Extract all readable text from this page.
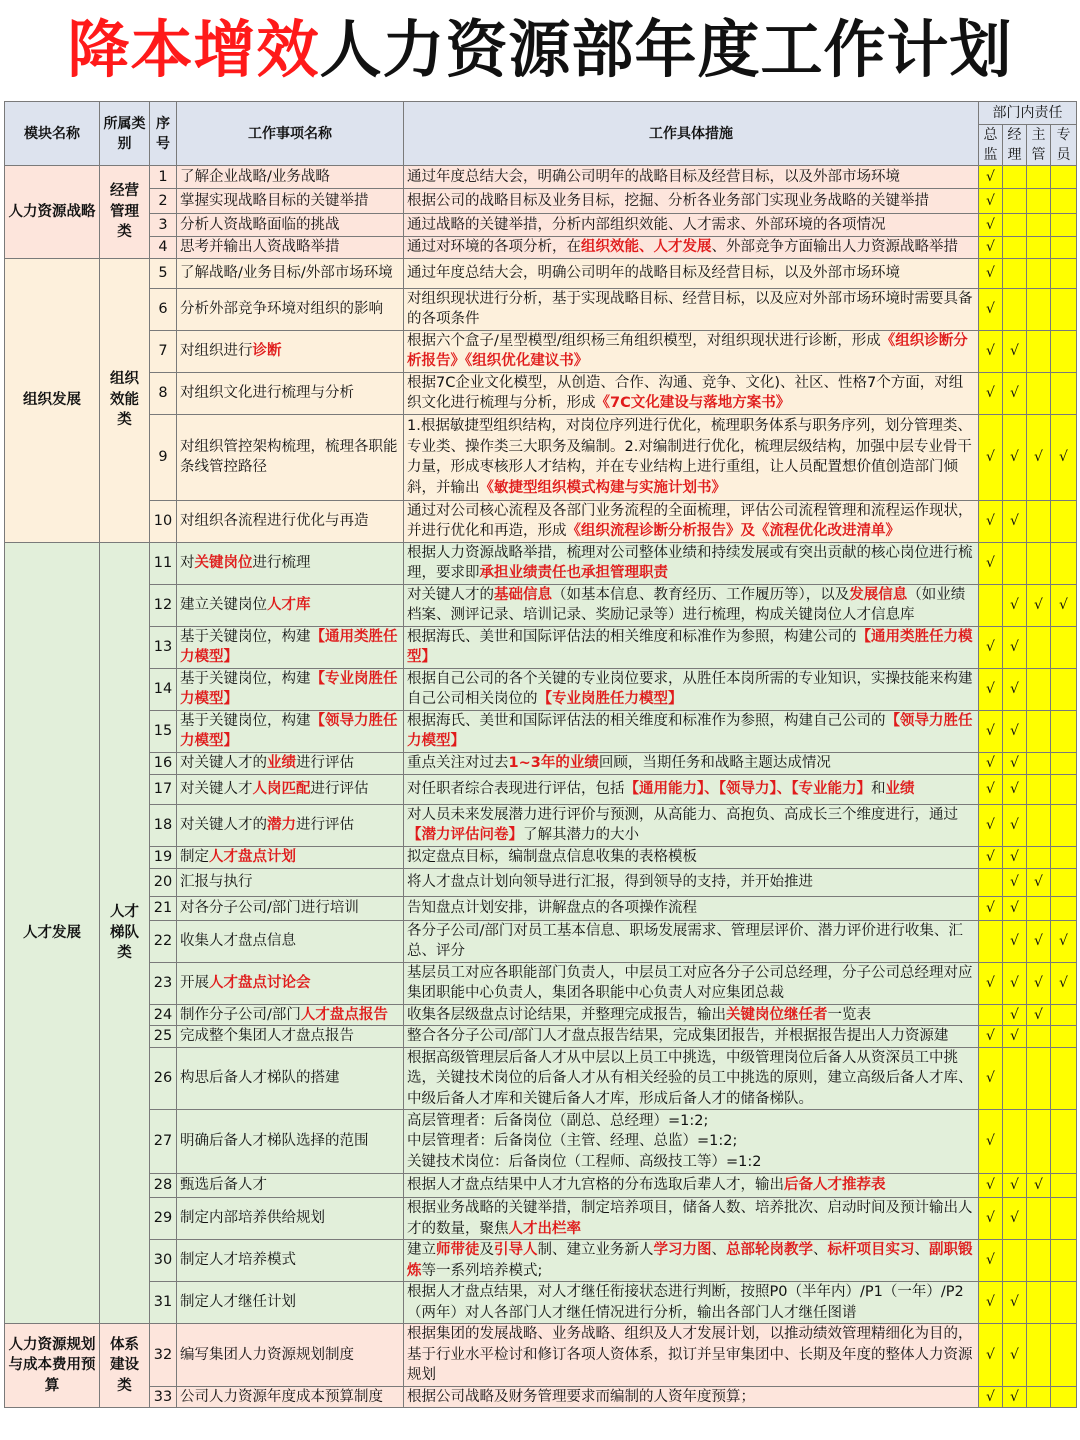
降本增效人力资源部年度工作计划
模块名称	所属类别	序号	工作事项名称	工作具体措施	部门内责任			
					总监	经理	主管	专员
人力资源战略	经营管理类	1	了解企业战略/业务战略	通过年度总结大会，明确公司明年的战略目标及经营目标，以及外部市场环境	√			
		2	掌握实现战略目标的关键举措	根据公司的战略目标及业务目标，挖掘、分析各业务部门实现业务战略的关键举措	√			
		3	分析人资战略面临的挑战	通过战略的关键举措，分析内部组织效能、人才需求、外部环境的各项情况	√			
		4	思考并输出人资战略举措	通过对环境的各项分析，在组织效能、人才发展、外部竞争方面输出人力资源战略举措	√			
组织发展	组织效能类	5	了解战略/业务目标/外部市场环境	通过年度总结大会，明确公司明年的战略目标及经营目标，以及外部市场环境	√			
		6	分析外部竞争环境对组织的影响	对组织现状进行分析，基于实现战略目标、经营目标，以及应对外部市场环境时需要具备的各项条件	√			
		7	对组织进行诊断	根据六个盒子/星型模型/组织杨三角组织模型，对组织现状进行诊断，形成《组织诊断分析报告》《组织优化建议书》	√	√		
		8	对组织文化进行梳理与分析	根据7C企业文化模型，从创造、合作、沟通、竞争、文化)、社区、性格7个方面，对组织文化进行梳理与分析，形成《7C文化建设与落地方案书》	√	√		
		9	对组织管控架构梳理，梳理各职能条线管控路径	1.根据敏捷型组织结构，对岗位序列进行优化，梳理职务体系与职务序列，划分管理类、专业类、操作类三大职务及编制。2.对编制进行优化，梳理层级结构，加强中层专业骨干力量，形成枣核形人才结构，并在专业结构上进行重组，让人员配置想价值创造部门倾斜，并输出《敏捷型组织模式构建与实施计划书》	√	√	√	√
		10	对组织各流程进行优化与再造	通过对公司核心流程及各部门业务流程的全面梳理，评估公司流程管理和流程运作现状，并进行优化和再造，形成《组织流程诊断分析报告》及《流程优化改进清单》	√	√		
人才发展	人才梯队类	11	对关键岗位进行梳理	根据人力资源战略举措，梳理对公司整体业绩和持续发展或有突出贡献的核心岗位进行梳理，要求即承担业绩责任也承担管理职责	√			
		12	建立关键岗位人才库	对关键人才的基础信息（如基本信息、教育经历、工作履历等），以及发展信息（如业绩档案、测评记录、培训记录、奖励记录等）进行梳理，构成关键岗位人才信息库		√	√	√
		13	基于关键岗位，构建【通用类胜任力模型】	根据海氏、美世和国际评估法的相关维度和标准作为参照，构建公司的【通用类胜任力模型】	√	√		
		14	基于关键岗位，构建【专业岗胜任力模型】	根据自己公司的各个关键的专业岗位要求，从胜任本岗所需的专业知识，实操技能来构建自己公司相关岗位的【专业岗胜任力模型】	√	√		
		15	基于关键岗位，构建【领导力胜任力模型】	根据海氏、美世和国际评估法的相关维度和标准作为参照，构建自己公司的【领导力胜任力模型】	√	√		
		16	对关键人才的业绩进行评估	重点关注对过去1~3年的业绩回顾，当期任务和战略主题达成情况	√	√		
		17	对关键人才人岗匹配进行评估	对任职者综合表现进行评估，包括【通用能力】、【领导力】、【专业能力】和业绩	√	√		
		18	对关键人才的潜力进行评估	对人员未来发展潜力进行评价与预测，从高能力、高抱负、高成长三个维度进行，通过【潜力评估问卷】了解其潜力的大小	√	√		
		19	制定人才盘点计划	拟定盘点目标，编制盘点信息收集的表格模板	√	√		
		20	汇报与执行	将人才盘点计划向领导进行汇报，得到领导的支持，并开始推进		√	√	
		21	对各分子公司/部门进行培训	告知盘点计划安排，讲解盘点的各项操作流程	√	√		
		22	收集人才盘点信息	各分子公司/部门对员工基本信息、职场发展需求、管理层评价、潜力评价进行收集、汇总、评分		√	√	√
		23	开展人才盘点讨论会	基层员工对应各职能部门负责人，中层员工对应各分子公司总经理，分子公司总经理对应集团职能中心负责人，集团各职能中心负责人对应集团总裁	√	√	√	√
		24	制作分子公司/部门人才盘点报告	收集各层级盘点讨论结果，并整理完成报告，输出关键岗位继任者一览表		√	√	
		25	完成整个集团人才盘点报告	整合各分子公司/部门人才盘点报告结果，完成集团报告，并根据报告提出人力资源建	√	√		
		26	构思后备人才梯队的搭建	根据高级管理层后备人才从中层以上员工中挑选，中级管理岗位后备人从资深员工中挑选，关键技术岗位的后备人才从有相关经验的员工中挑选的原则，建立高级后备人才库、中级后备人才库和关键后备人才库，形成后备人才的储备梯队。	√			
		27	明确后备人才梯队选择的范围	高层管理者：后备岗位（副总、总经理）=1:2;
中层管理者：后备岗位（主管、经理、总监）=1:2;
关键技术岗位：后备岗位（工程师、高级技工等）=1:2	√			
		28	甄选后备人才	根据人才盘点结果中人才九宫格的分布选取后辈人才，输出后备人才推荐表	√	√	√	
		29	制定内部培养供给规划	根据业务战略的关键举措，制定培养项目，储备人数、培养批次、启动时间及预计输出人才的数量，聚焦人才出栏率	√	√		
		30	制定人才培养模式	建立师带徒及引导人制、建立业务新人学习力图、总部轮岗教学、标杆项目实习、副职锻炼等一系列培养模式;	√			
		31	制定人才继任计划	根据人才盘点结果，对人才继任衔接状态进行判断，按照P0（半年内）/P1（一年）/P2（两年）对人各部门人才继任情况进行分析，输出各部门人才继任图谱	√	√		
人力资源规划与成本费用预算	体系建设类	32	编写集团人力资源规划制度	根据集团的发展战略、业务战略、组织及人才发展计划，以推动绩效管理精细化为目的，基于行业水平检讨和修订各项人资体系，拟订并呈审集团中、长期及年度的整体人力资源规划	√	√		
		33	公司人力资源年度成本预算制度	根据公司战略及财务管理要求而编制的人资年度预算；	√	√		
